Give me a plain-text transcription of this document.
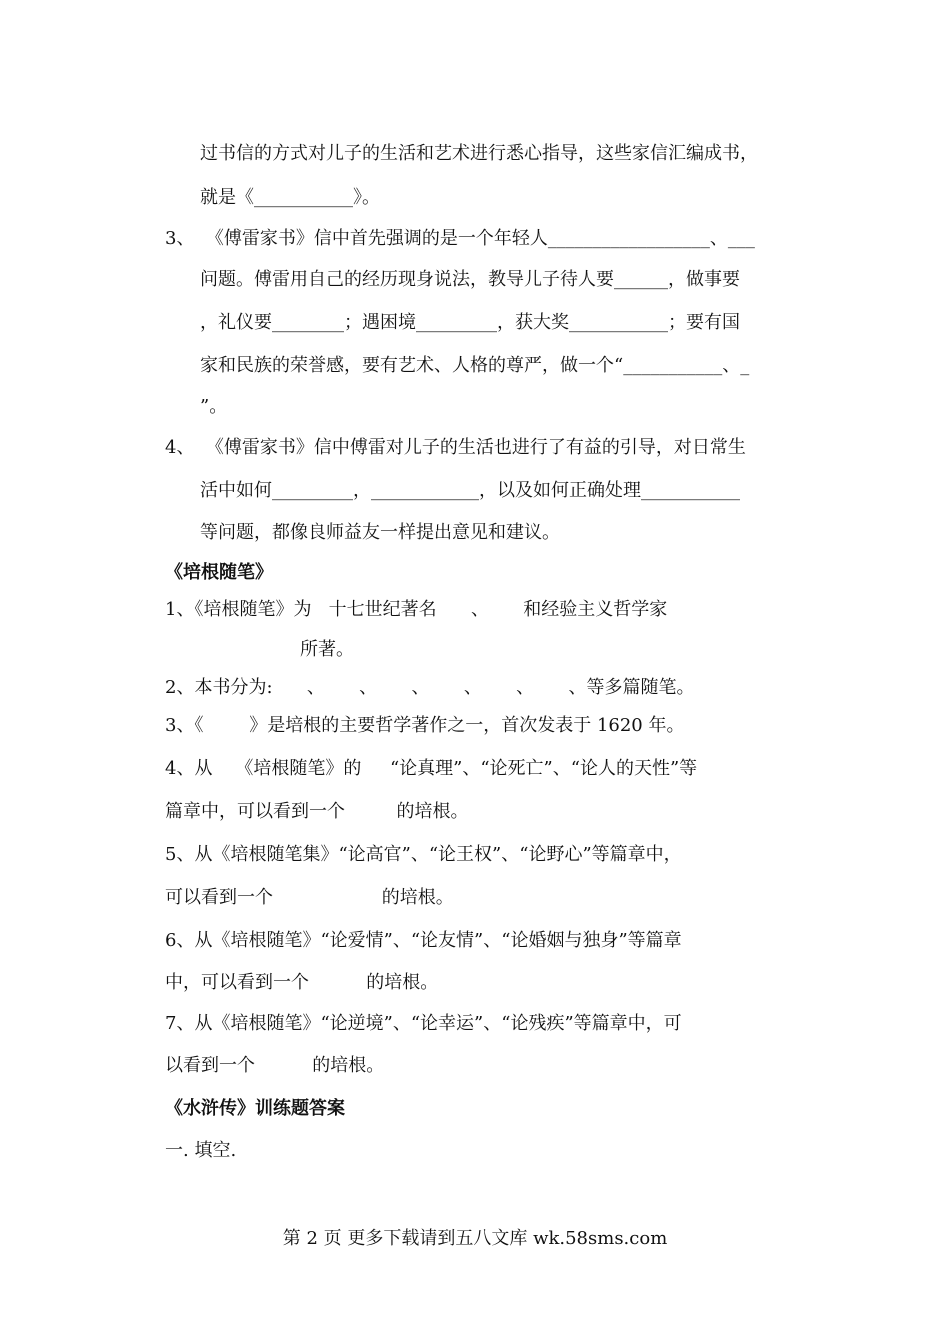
过书信的方式对儿子的生活和艺术进行悉心指导，这些家信汇编成书，
就是《___________》。
3、  《傅雷家书》信中首先强调的是一个年轻人__________________、___
问题。傅雷用自己的经历现身说法，教导儿子待人要______，做事要
，礼仪要________；遇困境_________，获大奖___________；要有国
家和民族的荣誉感，要有艺术、人格的尊严，做一个“___________、_
”。
4、  《傅雷家书》信中傅雷对儿子的生活也进行了有益的引导，对日常生
活中如何_________，____________，以及如何正确处理___________
等问题，都像良师益友一样提出意见和建议。
《培根随笔》
1、《培根随笔》为   十七世纪著名      、      和经验主义哲学家
所著。
2、本书分为:      、      、      、      、      、      、等多篇随笔。
3、《        》是培根的主要哲学著作之一，首次发表于 1620 年。
4、从    《培根随笔》的     “论真理”、“论死亡”、“论人的天性”等
篇章中，可以看到一个         的培根。
5、从《培根随笔集》“论高官”、“论王权”、“论野心”等篇章中，
可以看到一个                   的培根。
6、从《培根随笔》“论爱情”、“论友情”、“论婚姻与独身”等篇章
中，可以看到一个          的培根。
7、从《培根随笔》“论逆境”、“论幸运”、“论残疾”等篇章中，可
以看到一个          的培根。
《水浒传》训练题答案
一. 填空.
第 2 页 更多下载请到五八文库 wk.58sms.com
